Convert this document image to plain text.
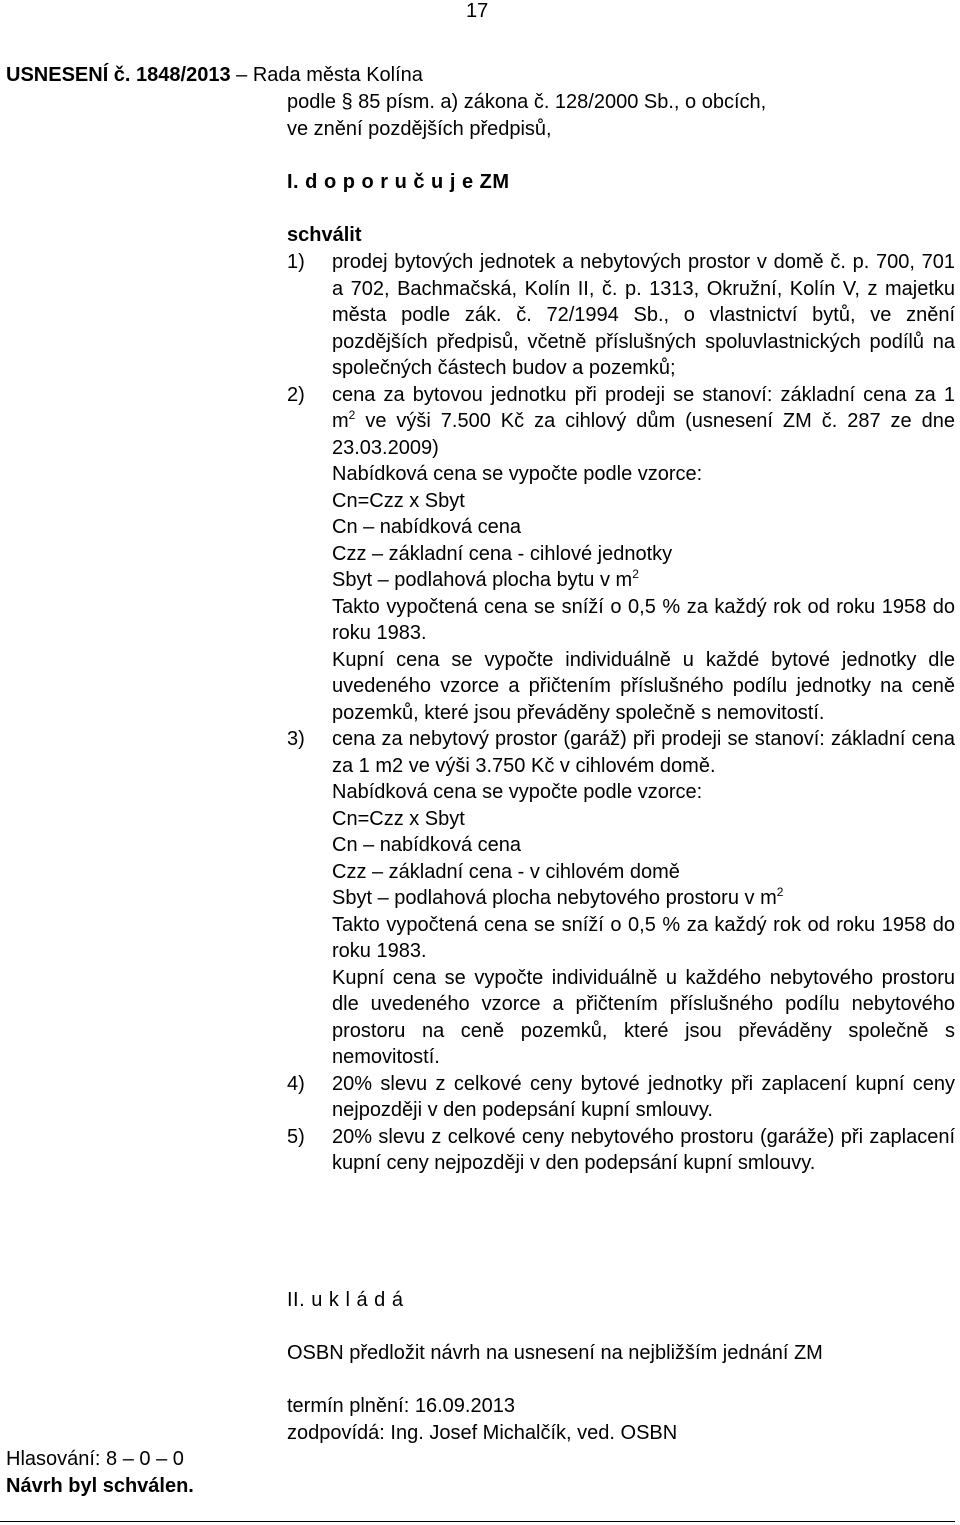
17
USNESENÍ č. 1848/2013 – Rada města Kolína
podle § 85 písm. a) zákona č. 128/2000 Sb., o obcích,
ve znění pozdějších předpisů,
I. d o p o r u č u j e ZM
schválit
1) prodej bytových jednotek a nebytových prostor v domě č. p. 700, 701 a 702, Bachmačská, Kolín II, č. p. 1313, Okružní, Kolín V, z majetku města podle zák. č. 72/1994 Sb., o vlastnictví bytů, ve znění pozdějších předpisů, včetně příslušných spoluvlastnických podílů na společných částech budov a pozemků;

2) cena za bytovou jednotku při prodeji se stanoví: základní cena za 1 $m^2$ ve výši 7.500 Kč za cihlový dům (usnesení ZM č. 287 ze dne 23.03.2009)

Nabídková cena se vypočte podle vzorce:

Cn=Czz x Sbyt

Cn – nabídková cena

Czz – základní cena - cihlové jednotky

Sbyt – podlahová plocha bytu v $m^2$

Takto vypočtená cena se sníží o 0,5 % za každý rok od roku 1958 do roku 1983.

Kupní cena se vypočte individuálně u každé bytové jednotky dle uvedeného vzorce a přičtením příslušného podílu jednotky na ceně pozemků, které jsou převáděny společně s nemovitostí.

3) cena za nebytový prostor (garáž) při prodeji se stanoví: základní cena za 1 m2 ve výši 3.750 Kč v cihlovém domě.

Nabídková cena se vypočte podle vzorce:

Cn=Czz x Sbyt

Cn – nabídková cena

Czz – základní cena - v cihlovém domě

Sbyt – podlahová plocha nebytového prostoru v $m^2$

Takto vypočtená cena se sníží o 0,5 % za každý rok od roku 1958 do roku 1983.

Kupní cena se vypočte individuálně u každého nebytového prostoru dle uvedeného vzorce a přičtením příslušného podílu nebytového prostoru na ceně pozemků, které jsou převáděny společně s nemovitostí.

4) 20% slevu z celkové ceny bytové jednotky při zaplacení kupní ceny nejpozději v den podepsání kupní smlouvy.

5) 20% slevu z celkové ceny nebytového prostoru (garáže) při zaplacení kupní ceny nejpozději v den podepsání kupní smlouvy.

II. u k l á d á
OSBN předložit návrh na usnesení na nejbližším jednání ZM
termín plnění: 16.09.2013
zodpovídá: Ing. Josef Michalčík, ved. OSBN
Hlasování: 8 – 0 – 0
Návrh byl schválen.
